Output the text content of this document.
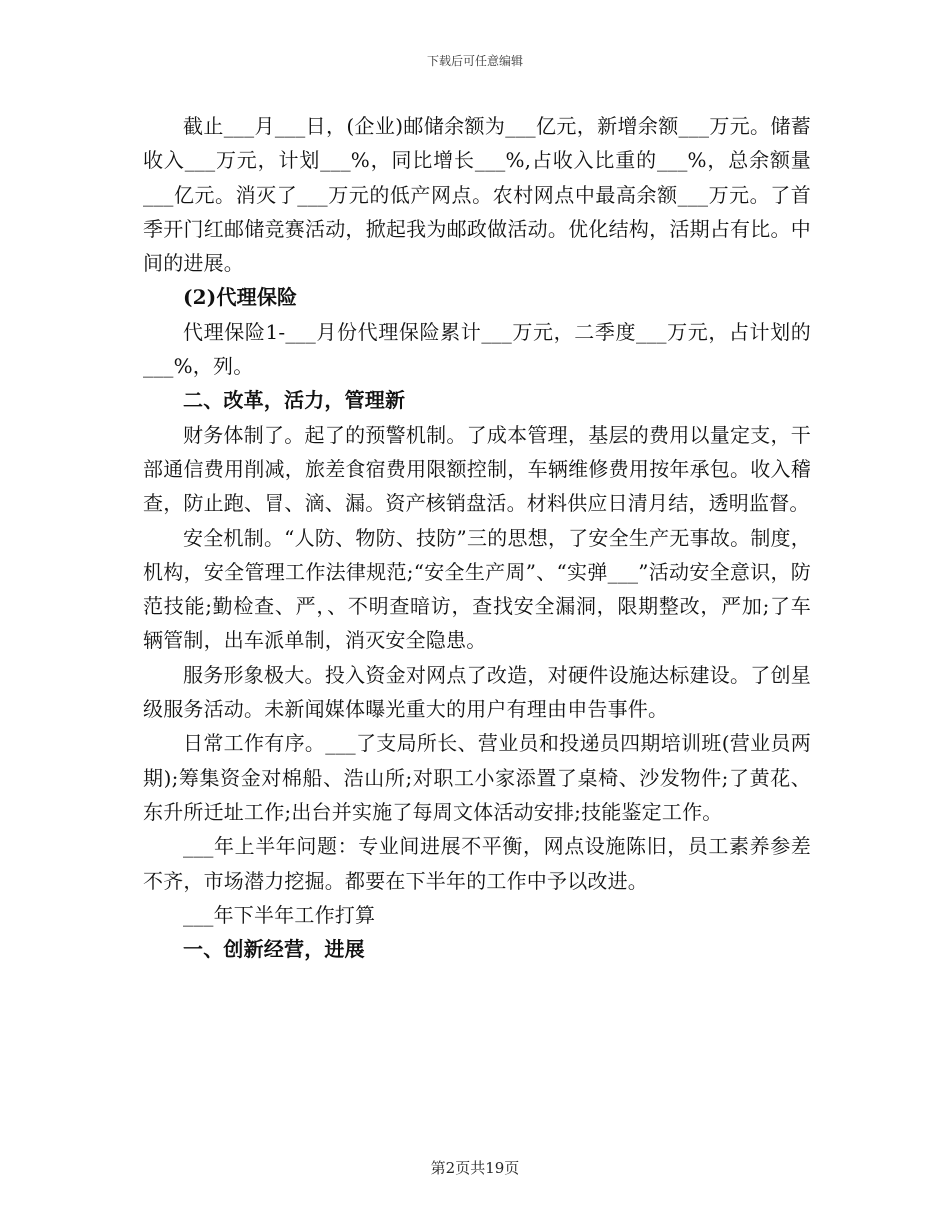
下载后可任意编辑

截止___月___日，(企业)邮储余额为___亿元，新增余额___万元。储蓄收入___万元，计划___%，同比增长___%,占收入比重的___%，总余额量___亿元。消灭了___万元的低产网点。农村网点中最高余额___万元。了首季开门红邮储竞赛活动，掀起我为邮政做活动。优化结构，活期占有比。中间的进展。

(2)代理保险

代理保险1-___月份代理保险累计___万元，二季度___万元，占计划的___%，列。

二、改革，活力，管理新

财务体制了。起了的预警机制。了成本管理，基层的费用以量定支，干部通信费用削减，旅差食宿费用限额控制，车辆维修费用按年承包。收入稽查，防止跑、冒、滴、漏。资产核销盘活。材料供应日清月结，透明监督。

安全机制。“人防、物防、技防”三的思想，了安全生产无事故。制度，机构，安全管理工作法律规范;“安全生产周”、“实弹___”活动安全意识，防范技能;勤检查、严，、不明查暗访，查找安全漏洞，限期整改，严加;了车辆管制，出车派单制，消灭安全隐患。

服务形象极大。投入资金对网点了改造，对硬件设施达标建设。了创星级服务活动。未新闻媒体曝光重大的用户有理由申告事件。

日常工作有序。___了支局所长、营业员和投递员四期培训班(营业员两期);筹集资金对棉船、浩山所;对职工小家添置了桌椅、沙发物件;了黄花、东升所迁址工作;出台并实施了每周文体活动安排;技能鉴定工作。

___年上半年问题：专业间进展不平衡，网点设施陈旧，员工素养参差不齐，市场潜力挖掘。都要在下半年的工作中予以改进。

___年下半年工作打算

一、创新经营，进展

第2页共19页
